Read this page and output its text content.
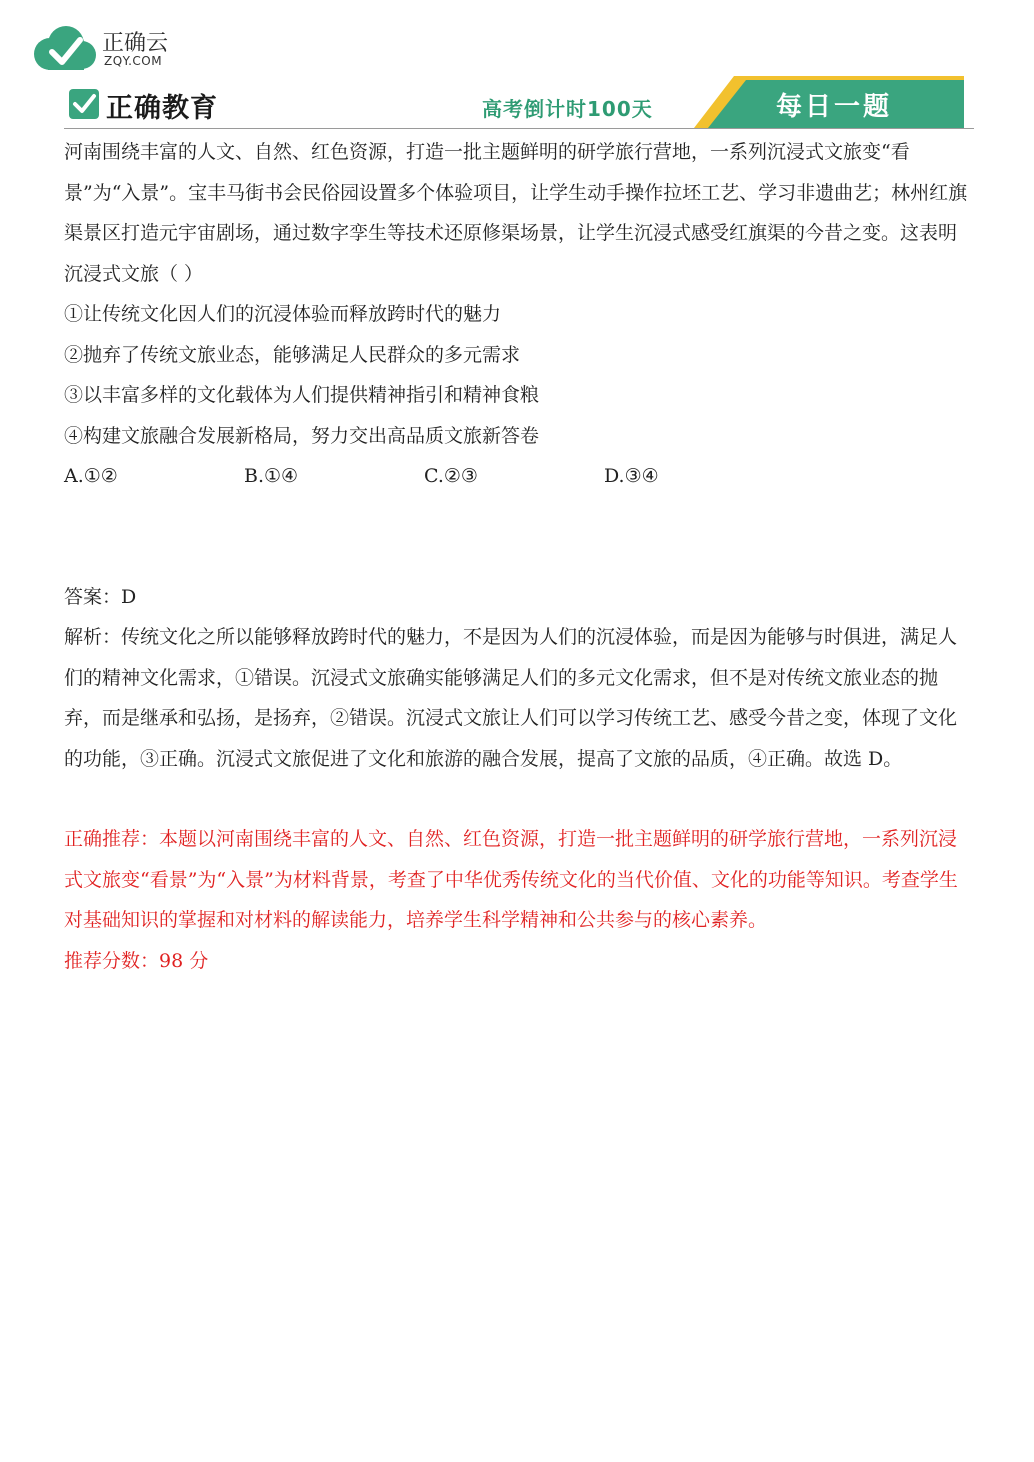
正确云
ZQY.COM
正确教育	高考倒计时100天	每日一题

河南围绕丰富的人文、自然、红色资源，打造一批主题鲜明的研学旅行营地，一系列沉浸式文旅变“看景”为“入景”。宝丰马街书会民俗园设置多个体验项目，让学生动手操作拉坯工艺、学习非遗曲艺；林州红旗渠景区打造元宇宙剧场，通过数字孪生等技术还原修渠场景，让学生沉浸式感受红旗渠的今昔之变。这表明沉浸式文旅（ ）

①让传统文化因人们的沉浸体验而释放跨时代的魅力

②抛弃了传统文旅业态，能够满足人民群众的多元需求

③以丰富多样的文化载体为人们提供精神指引和精神食粮

④构建文旅融合发展新格局，努力交出高品质文旅新答卷

A.①②	B.①④	C.②③	D.③④

答案：D

解析：传统文化之所以能够释放跨时代的魅力，不是因为人们的沉浸体验，而是因为能够与时俱进，满足人们的精神文化需求，①错误。沉浸式文旅确实能够满足人们的多元文化需求，但不是对传统文旅业态的抛弃，而是继承和弘扬，是扬弃，②错误。沉浸式文旅让人们可以学习传统工艺、感受今昔之变，体现了文化的功能，③正确。沉浸式文旅促进了文化和旅游的融合发展，提高了文旅的品质，④正确。故选 D。

正确推荐：本题以河南围绕丰富的人文、自然、红色资源，打造一批主题鲜明的研学旅行营地，一系列沉浸式文旅变“看景”为“入景”为材料背景，考查了中华优秀传统文化的当代价值、文化的功能等知识。考查学生对基础知识的掌握和对材料的解读能力，培养学生科学精神和公共参与的核心素养。

推荐分数：98 分
